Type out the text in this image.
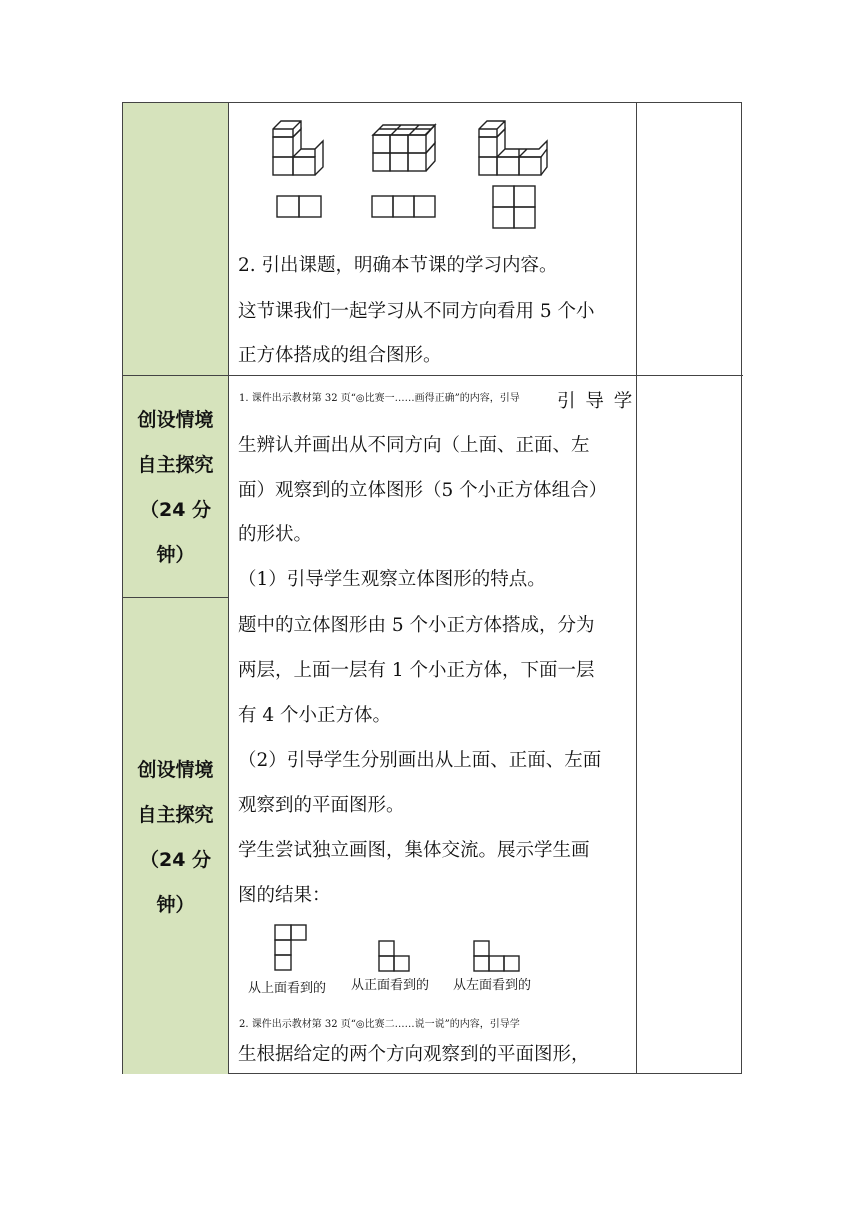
2. 引出课题，明确本节课的学习内容。
这节课我们一起学习从不同方向看用 5 个小
正方体搭成的组合图形。
创设情境
自主探究
（24 分
钟）
1. 课件出示教材第 32 页“◎比赛一……画得正确”的内容，引导 引 导 学
生辨认并画出从不同方向（上面、正面、左
面）观察到的立体图形（5 个小正方体组合）
的形状。
（1）引导学生观察立体图形的特点。
创设情境
自主探究
（24 分
钟）
题中的立体图形由 5 个小正方体搭成，分为
两层，上面一层有 1 个小正方体，下面一层
有 4 个小正方体。
（2）引导学生分别画出从上面、正面、左面
观察到的平面图形。
学生尝试独立画图，集体交流。展示学生画
图的结果：
从上面看到的 从正面看到的 从左面看到的
2. 课件出示教材第 32 页“◎比赛二……说一说”的内容，引导学
生根据给定的两个方向观察到的平面图形，
